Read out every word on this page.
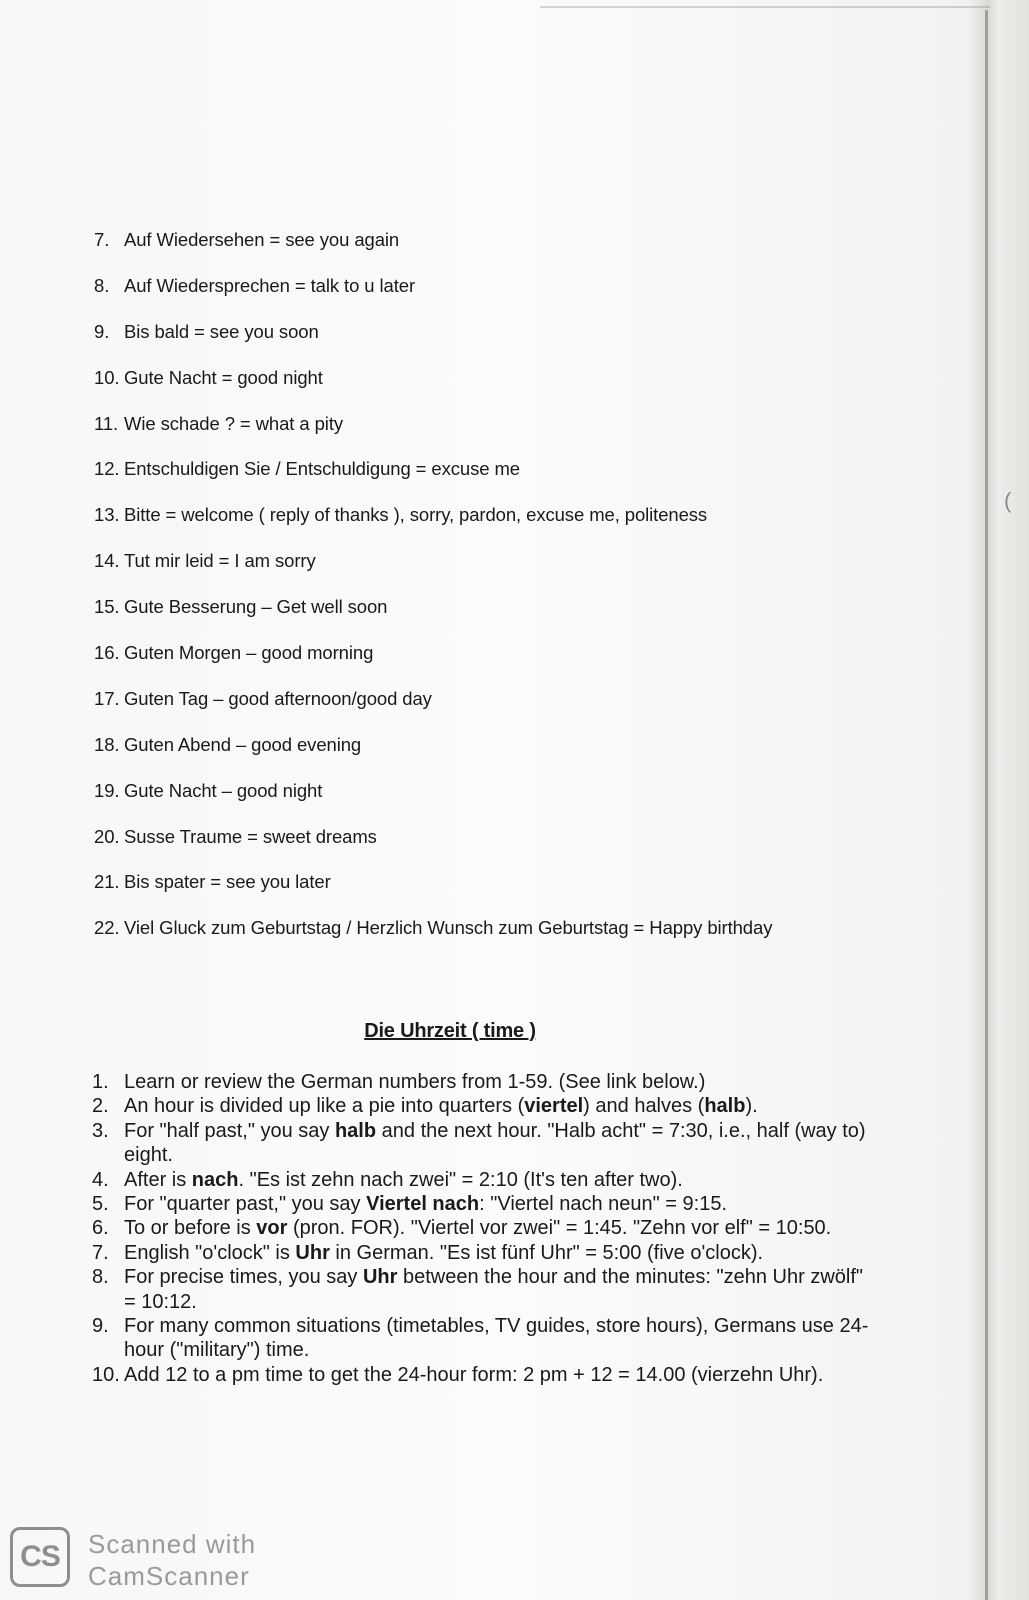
(
7. Auf Wiedersehen = see you again
8. Auf Wiedersprechen = talk to u later
9. Bis bald = see you soon
10. Gute Nacht = good night
11. Wie schade ? = what a pity
12. Entschuldigen Sie / Entschuldigung = excuse me
13. Bitte = welcome ( reply of thanks ), sorry, pardon, excuse me, politeness
14. Tut mir leid = I am sorry
15. Gute Besserung – Get well soon
16. Guten Morgen – good morning
17. Guten Tag – good afternoon/good day
18. Guten Abend – good evening
19. Gute Nacht – good night
20. Susse Traume = sweet dreams
21. Bis spater = see you later
22. Viel Gluck zum Geburtstag / Herzlich Wunsch zum Geburtstag = Happy birthday
Die Uhrzeit ( time )
1. Learn or review the German numbers from 1-59. (See link below.)
2. An hour is divided up like a pie into quarters (viertel) and halves (halb).
3. For "half past," you say halb and the next hour. "Halb acht" = 7:30, i.e., half (way to) eight.
4. After is nach. "Es ist zehn nach zwei" = 2:10 (It's ten after two).
5. For "quarter past," you say Viertel nach: "Viertel nach neun" = 9:15.
6. To or before is vor (pron. FOR). "Viertel vor zwei" = 1:45. "Zehn vor elf" = 10:50.
7. English "o'clock" is Uhr in German. "Es ist fünf Uhr" = 5:00 (five o'clock).
8. For precise times, you say Uhr between the hour and the minutes: "zehn Uhr zwölf" = 10:12.
9. For many common situations (timetables, TV guides, store hours), Germans use 24-hour ("military") time.
10. Add 12 to a pm time to get the 24-hour form: 2 pm + 12 = 14.00 (vierzehn Uhr).
CS	Scanned with
CamScanner
